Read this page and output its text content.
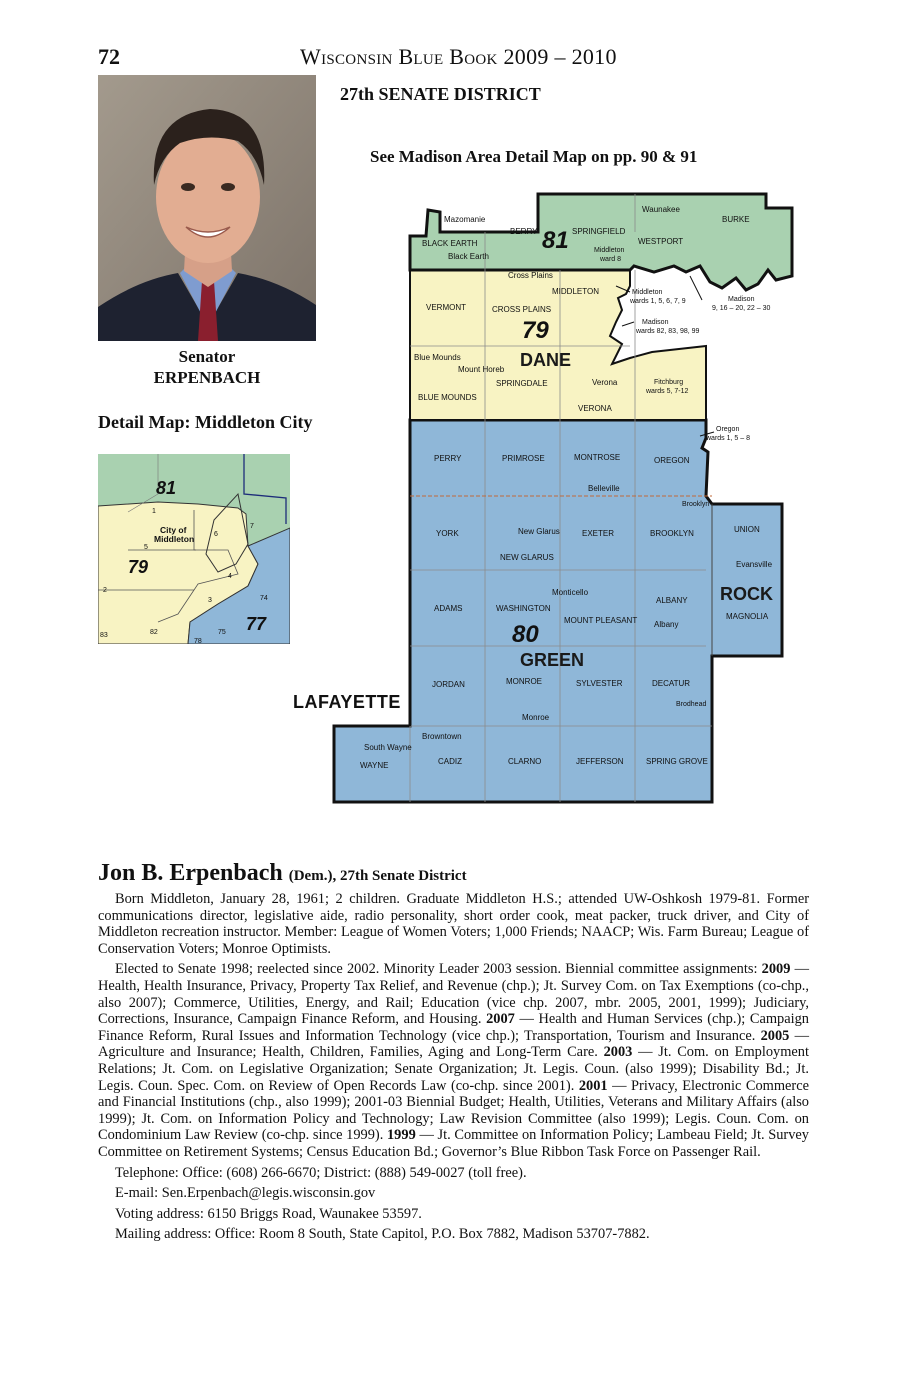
72	Wisconsin Blue Book 2009 – 2010
27th SENATE DISTRICT
See Madison Area Detail Map on pp. 90 & 91
Senator
ERPENBACH
Detail Map: Middleton City
81
79
77
City of
Middleton
1
2
3
4
5
6
7
74
75
78
82
83
81
79
80
DANE
GREEN
ROCK
Mazomanie
BLACK EARTH
Black Earth
BERRY	SPRINGFIELD
Waunakee
BURKE
WESTPORT
Middleton
ward 8
Cross Plains
VERMONT	CROSS PLAINS
MIDDLETON	Middleton
wards 1, 5, 6, 7, 9	Madison
9, 16 – 20, 22 – 30
Madison
wards 82, 83, 98, 99
Blue Mounds
Mount Horeb
SPRINGDALE	Verona	Fitchburg
wards 5, 7-12
BLUE MOUNDS
VERONA
Oregon
wards 1, 5 – 8
PERRY	PRIMROSE	MONTROSE	OREGON
Belleville
Brooklyn
YORK	New Glarus	EXETER	BROOKLYN	UNION
NEW GLARUS
Evansville
Monticello
ADAMS	WASHINGTON
ALBANY
MAGNOLIA
MOUNT PLEASANT Albany
JORDAN	MONROE	SYLVESTER	DECATUR
Brodhead
Monroe
Browntown
South Wayne
WAYNE	CADIZ	CLARNO	JEFFERSON	SPRING GROVE
LAFAYETTE
Jon B. Erpenbach (Dem.), 27th Senate District

Born Middleton, January 28, 1961; 2 children. Graduate Middleton H.S.; attended UW-Oshkosh 1979-81. Former communications director, legislative aide, radio personality, short order cook, meat packer, truck driver, and City of Middleton recreation instructor. Member: League of Women Voters; 1,000 Friends; NAACP; Wis. Farm Bureau; League of Conservation Voters; Monroe Optimists.

Elected to Senate 1998; reelected since 2002. Minority Leader 2003 session. Biennial committee assignments: 2009 — Health, Health Insurance, Privacy, Property Tax Relief, and Revenue (chp.); Jt. Survey Com. on Tax Exemptions (co-chp., also 2007); Commerce, Utilities, Energy, and Rail; Education (vice chp. 2007, mbr. 2005, 2001, 1999); Judiciary, Corrections, Insurance, Campaign Finance Reform, and Housing. 2007 — Health and Human Services (chp.); Campaign Finance Reform, Rural Issues and Information Technology (vice chp.); Transportation, Tourism and Insurance. 2005 — Agriculture and Insurance; Health, Children, Families, Aging and Long-Term Care. 2003 — Jt. Com. on Employment Relations; Jt. Com. on Legislative Organization; Senate Organization; Jt. Legis. Coun. (also 1999); Disability Bd.; Jt. Legis. Coun. Spec. Com. on Review of Open Records Law (co-chp. since 2001). 2001 — Privacy, Electronic Commerce and Financial Institutions (chp., also 1999); 2001-03 Biennial Budget; Health, Utilities, Veterans and Military Affairs (also 1999); Jt. Com. on Information Policy and Technology; Law Revision Committee (also 1999); Legis. Coun. Com. on Condominium Law Review (co-chp. since 1999). 1999 — Jt. Committee on Information Policy; Lambeau Field; Jt. Survey Committee on Retirement Systems; Census Education Bd.; Governor’s Blue Ribbon Task Force on Passenger Rail.

Telephone: Office: (608) 266-6670; District: (888) 549-0027 (toll free).

E-mail: Sen.Erpenbach@legis.wisconsin.gov

Voting address: 6150 Briggs Road, Waunakee 53597.

Mailing address: Office: Room 8 South, State Capitol, P.O. Box 7882, Madison 53707-7882.
